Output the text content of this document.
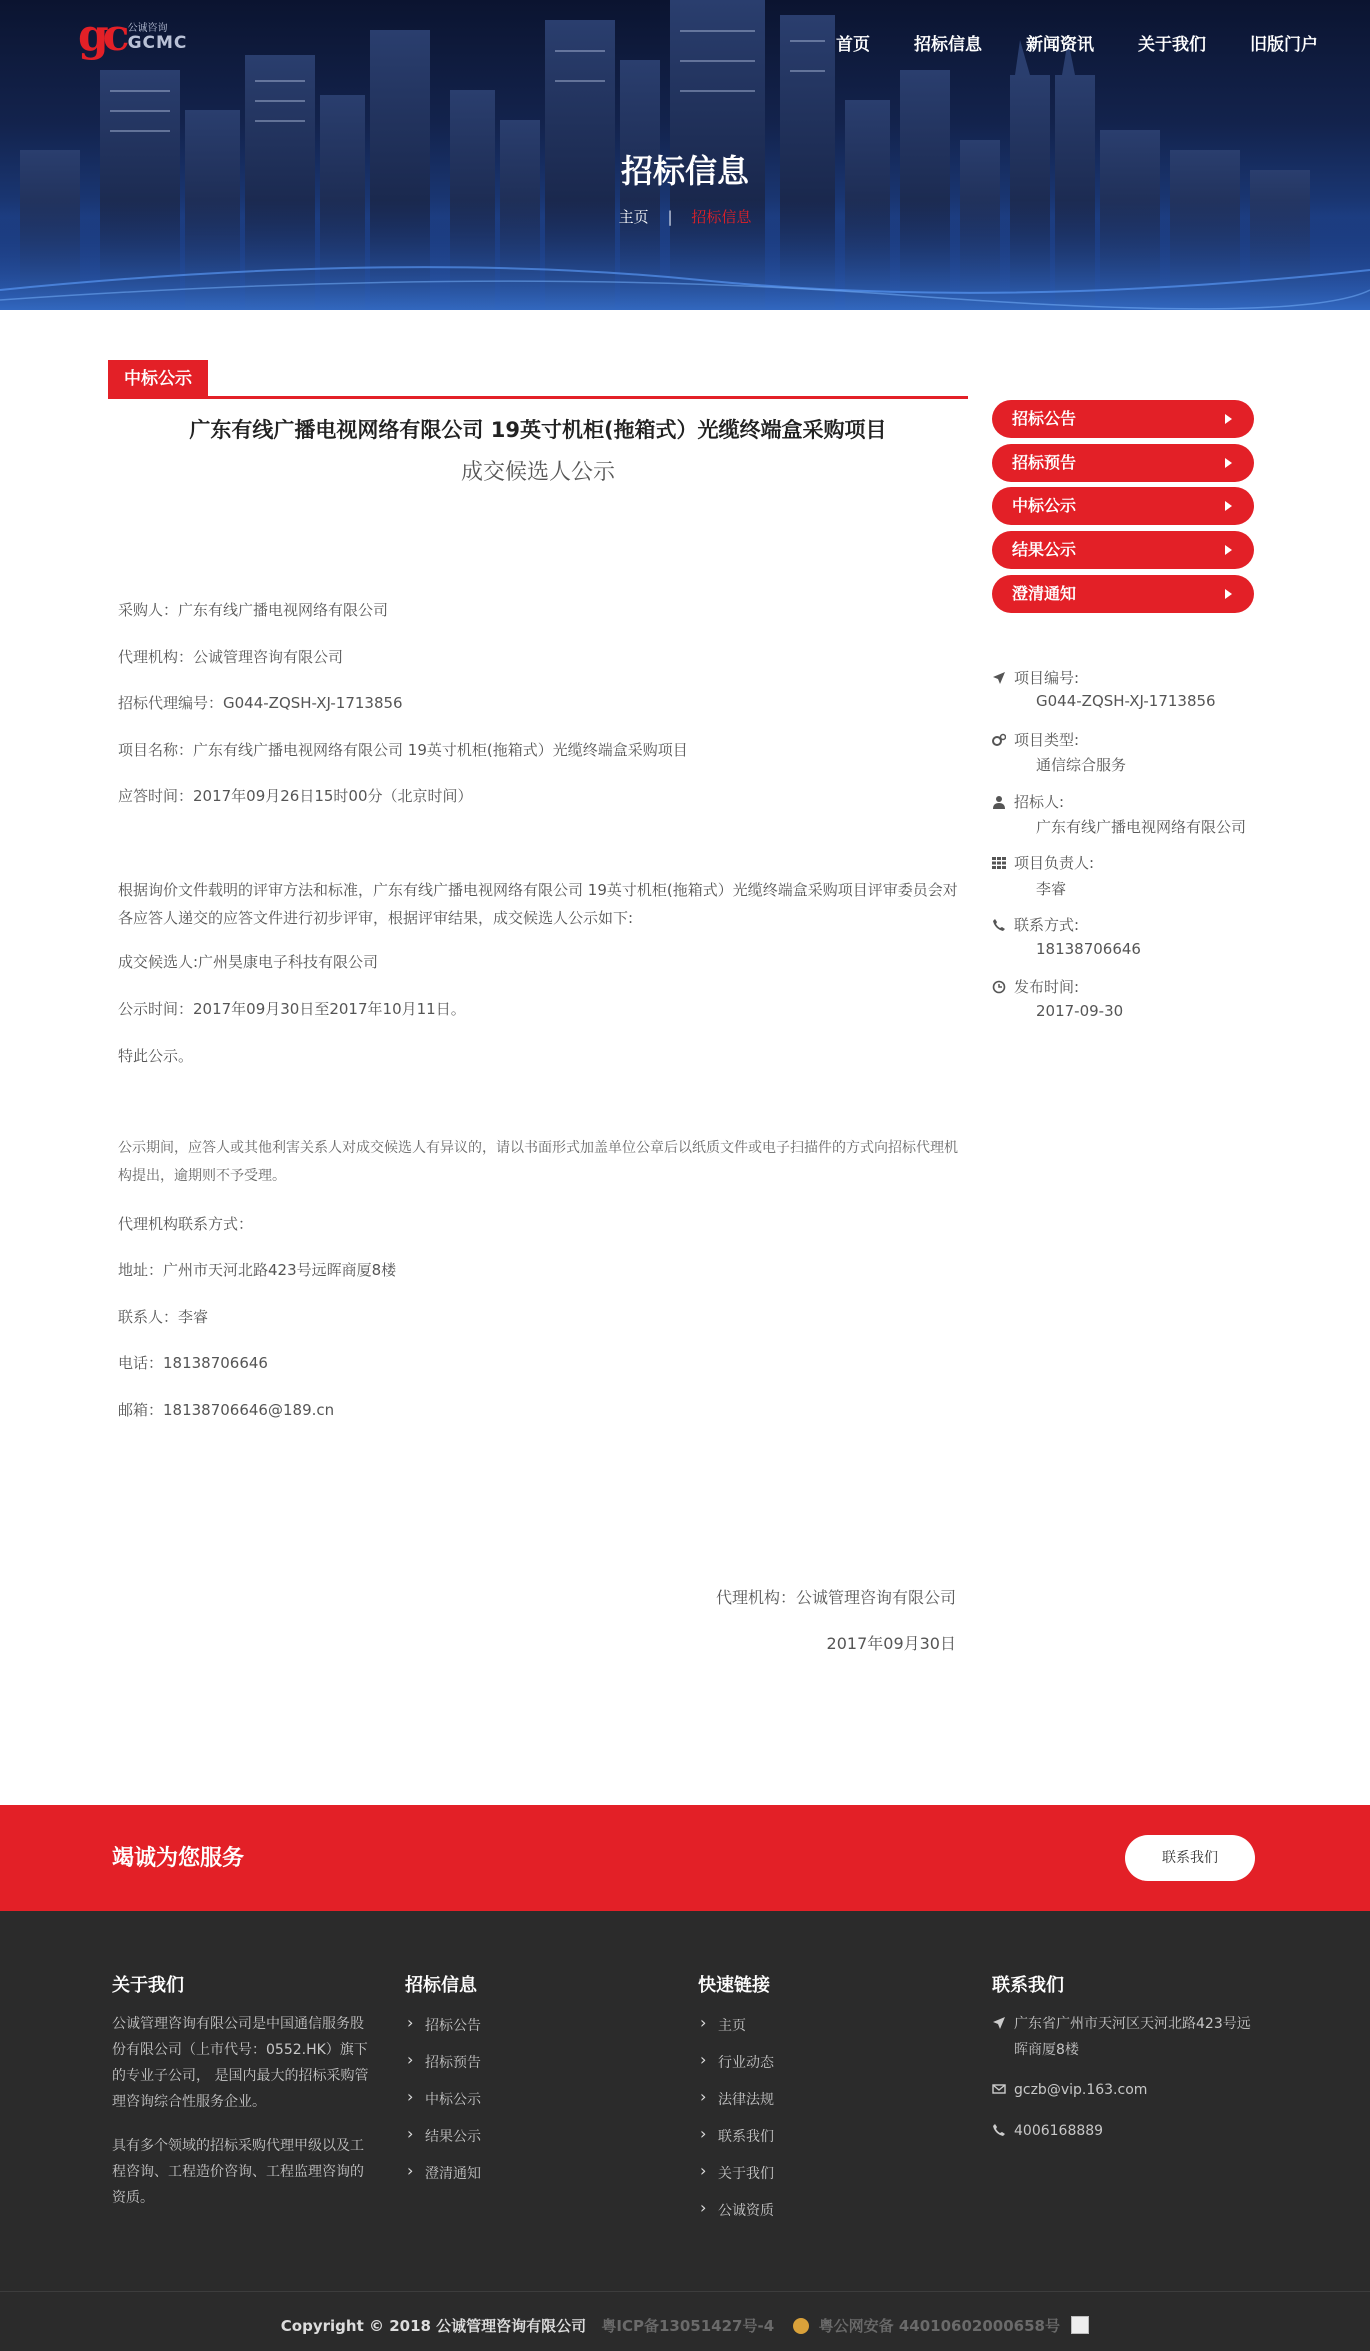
gc 公诚咨询
GCMC	首页	招标信息	新闻资讯	关于我们	旧版门户
招标信息
主页 | 招标信息
中标公示
广东有线广播电视网络有限公司 19英寸机柜(拖箱式）光缆终端盒采购项目
成交候选人公示
采购人：广东有线广播电视网络有限公司
代理机构：公诚管理咨询有限公司
招标代理编号：G044-ZQSH-XJ-1713856
项目名称：广东有线广播电视网络有限公司 19英寸机柜(拖箱式）光缆终端盒采购项目
应答时间：2017年09月26日15时00分（北京时间）
根据询价文件载明的评审方法和标准，广东有线广播电视网络有限公司 19英寸机柜(拖箱式）光缆终端盒采购项目评审委员会对各应答人递交的应答文件进行初步评审，根据评审结果，成交候选人公示如下:
成交候选人:广州昊康电子科技有限公司
公示时间：2017年09月30日至2017年10月11日。
特此公示。
公示期间，应答人或其他利害关系人对成交候选人有异议的，请以书面形式加盖单位公章后以纸质文件或电子扫描件的方式向招标代理机构提出，逾期则不予受理。
代理机构联系方式：
地址：广州市天河北路423号远晖商厦8楼
联系人：李睿
电话：18138706646
邮箱：18138706646@189.cn
代理机构：公诚管理咨询有限公司
2017年09月30日
招标公告
招标预告
中标公示
结果公示
澄清通知
项目编号:
G044-ZQSH-XJ-1713856
项目类型:
通信综合服务
招标人:
广东有线广播电视网络有限公司
项目负责人:
李睿
联系方式:
18138706646
发布时间:
2017-09-30
竭诚为您服务	联系我们
关于我们
公诚管理咨询有限公司是中国通信服务股份有限公司（上市代号：0552.HK）旗下的专业子公司， 是国内最大的招标采购管理咨询综合性服务企业。
具有多个领域的招标采购代理甲级以及工程咨询、工程造价咨询、工程监理咨询的资质。
招标信息
› 招标公告
› 招标预告
› 中标公示
› 结果公示
› 澄清通知
快速链接
› 主页
› 行业动态
› 法律法规
› 联系我们
› 关于我们
› 公诚资质
联系我们
广东省广州市天河区天河北路423号远晖商厦8楼
gczb@vip.163.com
4006168889
Copyright © 2018 公诚管理咨询有限公司 粤ICP备13051427号-4	粤公网安备 44010602000658号
